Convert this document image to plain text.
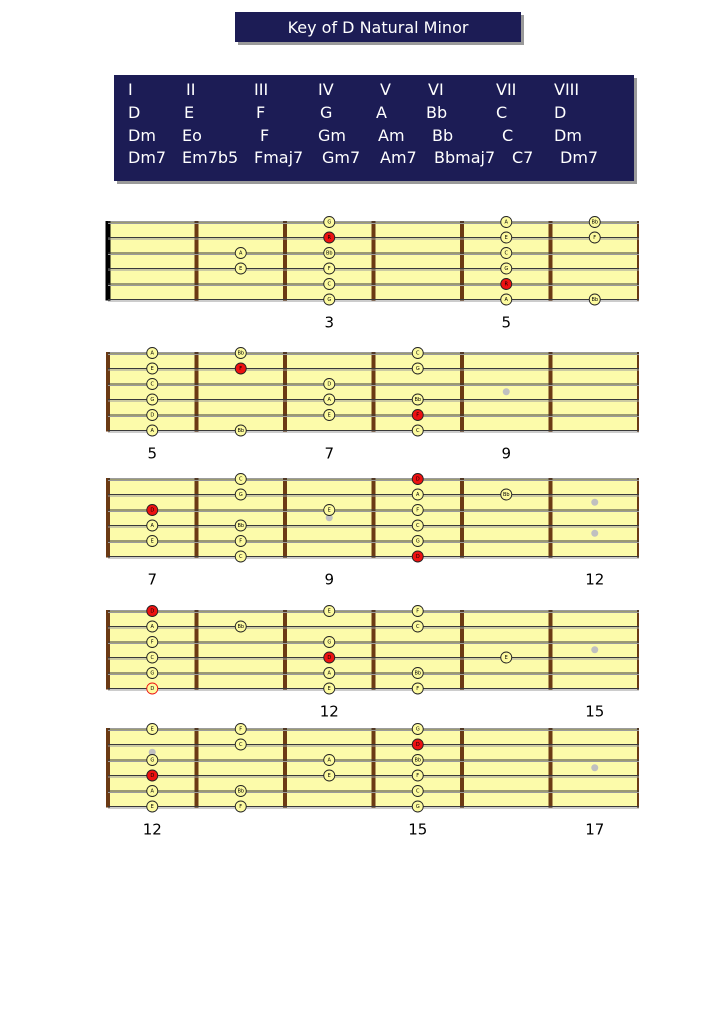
Key of D Natural Minor
I	II	III	IV	V VI	VII VIII
D	E	F	G	A Bb	C	D
Dm Eo	F	Gm Am Bb	C	Dm
Dm7 Em7b5 Fmaj7 Gm7 Am7 Bbmaj7 C7 Dm7
G	A	Bb
R	E	F
Bb
A	C
E	F	G
C	R
G	A	Bb
3	5
A	Bb	C
E	F	G
C	D
G	A	Bb
D	E	F
A	Bb	C
5	7	9
C	D
G	A	Bb
D	E	F
A	Bb	C
E	F	G
C	D
7	9	12
D	E	F
A	Bb	C
F	G
C	D	E
G	A	Bb
D	E	F
12	15
E	F	G
C	D
G	A	Bb
D	E	F
A	Bb	C
E	F	G
12	15	17
